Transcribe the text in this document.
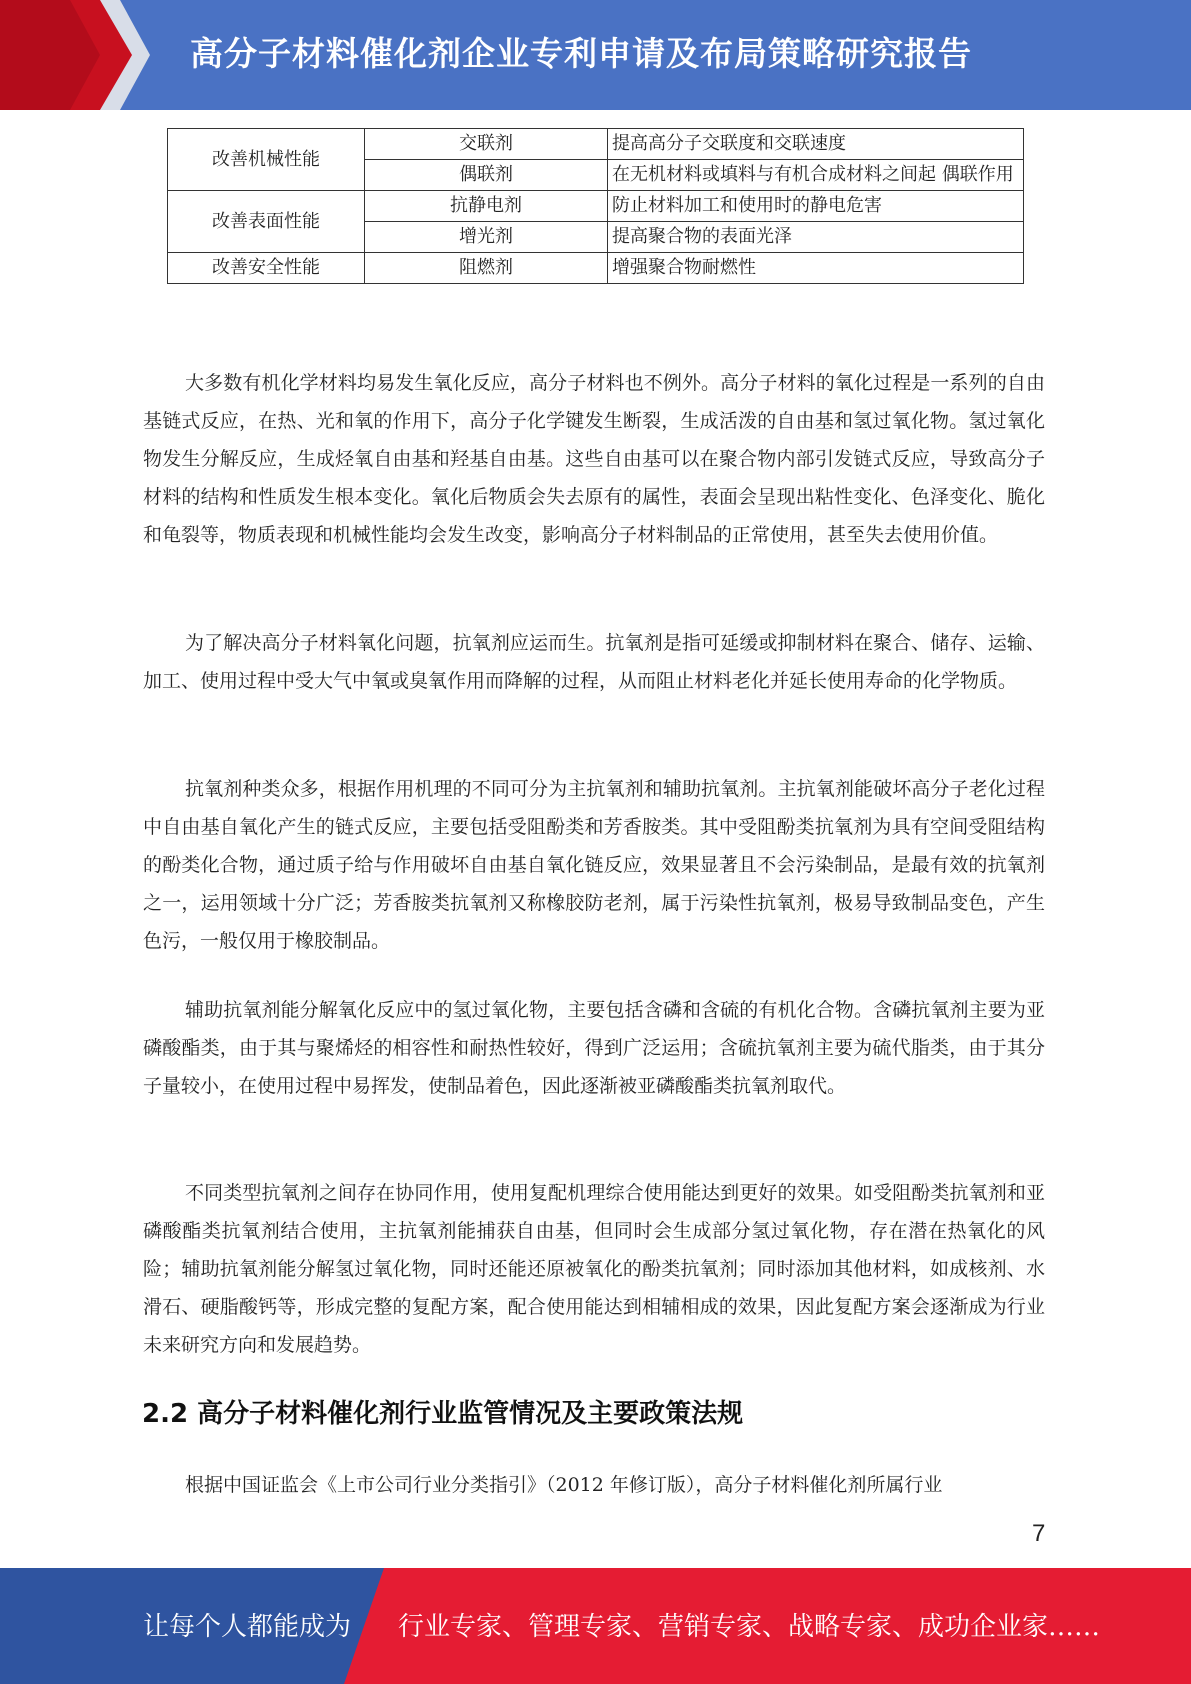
高分子材料催化剂企业专利申请及布局策略研究报告
改善机械性能	交联剂	提高高分子交联度和交联速度
	偶联剂	在无机材料或填料与有机合成材料之间起 偶联作用
改善表面性能	抗静电剂	防止材料加工和使用时的静电危害
	增光剂	提高聚合物的表面光泽
改善安全性能	阻燃剂	增强聚合物耐燃性

大多数有机化学材料均易发生氧化反应，高分子材料也不例外。高分子材料的氧化过程是一系列的自由基链式反应，在热、光和氧的作用下，高分子化学键发生断裂，生成活泼的自由基和氢过氧化物。氢过氧化物发生分解反应，生成烃氧自由基和羟基自由基。这些自由基可以在聚合物内部引发链式反应，导致高分子材料的结构和性质发生根本变化。氧化后物质会失去原有的属性，表面会呈现出粘性变化、色泽变化、脆化和龟裂等，物质表现和机械性能均会发生改变，影响高分子材料制品的正常使用，甚至失去使用价值。

为了解决高分子材料氧化问题，抗氧剂应运而生。抗氧剂是指可延缓或抑制材料在聚合、储存、运输、加工、使用过程中受大气中氧或臭氧作用而降解的过程，从而阻止材料老化并延长使用寿命的化学物质。

抗氧剂种类众多，根据作用机理的不同可分为主抗氧剂和辅助抗氧剂。主抗氧剂能破坏高分子老化过程中自由基自氧化产生的链式反应，主要包括受阻酚类和芳香胺类。其中受阻酚类抗氧剂为具有空间受阻结构的酚类化合物，通过质子给与作用破坏自由基自氧化链反应，效果显著且不会污染制品，是最有效的抗氧剂之一，运用领域十分广泛；芳香胺类抗氧剂又称橡胶防老剂，属于污染性抗氧剂，极易导致制品变色，产生色污，一般仅用于橡胶制品。

辅助抗氧剂能分解氧化反应中的氢过氧化物，主要包括含磷和含硫的有机化合物。含磷抗氧剂主要为亚磷酸酯类，由于其与聚烯烃的相容性和耐热性较好，得到广泛运用；含硫抗氧剂主要为硫代脂类，由于其分子量较小，在使用过程中易挥发，使制品着色，因此逐渐被亚磷酸酯类抗氧剂取代。

不同类型抗氧剂之间存在协同作用，使用复配机理综合使用能达到更好的效果。如受阻酚类抗氧剂和亚磷酸酯类抗氧剂结合使用，主抗氧剂能捕获自由基，但同时会生成部分氢过氧化物，存在潜在热氧化的风险；辅助抗氧剂能分解氢过氧化物，同时还能还原被氧化的酚类抗氧剂；同时添加其他材料，如成核剂、水滑石、硬脂酸钙等，形成完整的复配方案，配合使用能达到相辅相成的效果，因此复配方案会逐渐成为行业未来研究方向和发展趋势。

2.2 高分子材料催化剂行业监管情况及主要政策法规

根据中国证监会《上市公司行业分类指引》（2012 年修订版），高分子材料催化剂所属行业

7
让每个人都能成为 行业专家、管理专家、营销专家、战略专家、成功企业家……
